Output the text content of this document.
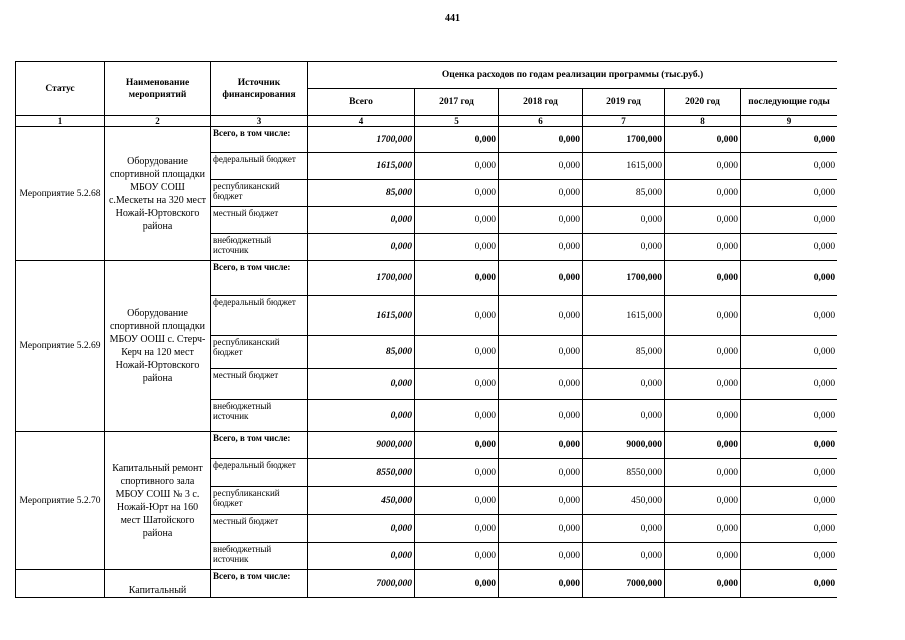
441
Статус	Наименование мероприятий	Источник финансирования	Оценка расходов по годам реализации программы (тыс.руб.)					
			Всего	2017 год	2018 год	2019 год	2020 год	последующие годы
1	2	3	4	5	6	7	8	9
Мероприятие 5.2.68	Оборудование спортивной площадки МБОУ СОШ с.Мескеты на 320 мест Ножай-Юртовского района	Всего, в том числе:	1700,000	0,000	0,000	1700,000	0,000	0,000
		федеральный бюджет	1615,000	0,000	0,000	1615,000	0,000	0,000
		республиканский бюджет	85,000	0,000	0,000	85,000	0,000	0,000
		местный бюджет	0,000	0,000	0,000	0,000	0,000	0,000
		внебюджетный источник	0,000	0,000	0,000	0,000	0,000	0,000
Мероприятие 5.2.69	Оборудование спортивной площадки МБОУ ООШ с. Стерч-Керч на 120 мест Ножай-Юртовского района	Всего, в том числе:	1700,000	0,000	0,000	1700,000	0,000	0,000
		федеральный бюджет	1615,000	0,000	0,000	1615,000	0,000	0,000
		республиканский бюджет	85,000	0,000	0,000	85,000	0,000	0,000
		местный бюджет	0,000	0,000	0,000	0,000	0,000	0,000
		внебюджетный источник	0,000	0,000	0,000	0,000	0,000	0,000
Мероприятие 5.2.70	Капитальный ремонт спортивного зала МБОУ СОШ № 3 с. Ножай-Юрт на 160 мест Шатойского района	Всего, в том числе:	9000,000	0,000	0,000	9000,000	0,000	0,000
		федеральный бюджет	8550,000	0,000	0,000	8550,000	0,000	0,000
		республиканский бюджет	450,000	0,000	0,000	450,000	0,000	0,000
		местный бюджет	0,000	0,000	0,000	0,000	0,000	0,000
		внебюджетный источник	0,000	0,000	0,000	0,000	0,000	0,000
	Капитальный	Всего, в том числе:	7000,000	0,000	0,000	7000,000	0,000	0,000
